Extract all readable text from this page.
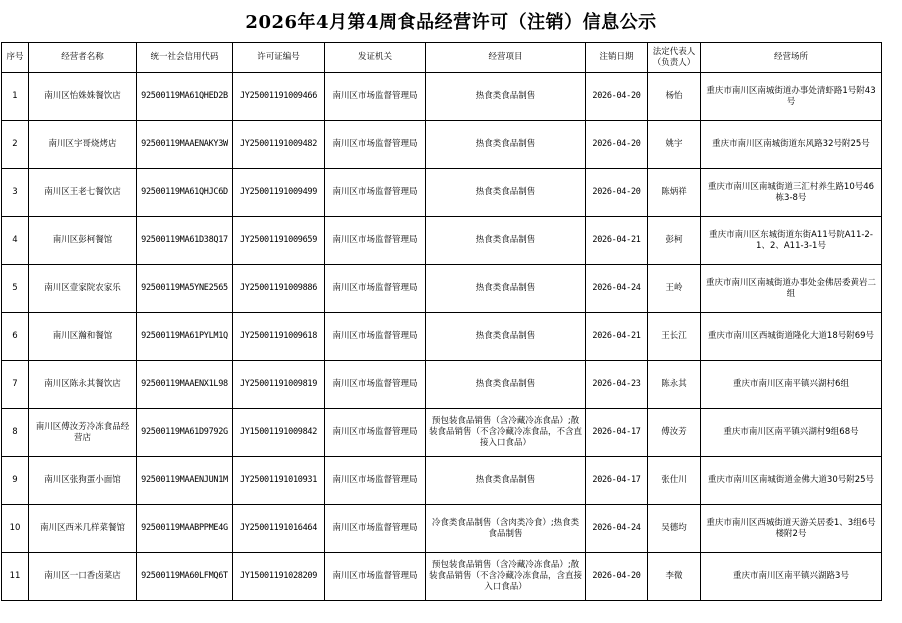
2026年4月第4周食品经营许可（注销）信息公示
序号	经营者名称	统一社会信用代码	许可证编号	发证机关	经营项目	注销日期	法定代表人（负责人）	经营场所
1	南川区怡姝姝餐饮店	92500119MA61QHED2B	JY25001191009466	南川区市场监督管理局	热食类食品制售	2026-04-20	杨怡	重庆市南川区南城街道办事处清虾路1号附43号
2	南川区宇哥烧烤店	92500119MAAENAKY3W	JY25001191009482	南川区市场监督管理局	热食类食品制售	2026-04-20	姚宇	重庆市南川区南城街道东风路32号附25号
3	南川区王老七餐饮店	92500119MA61QHJC6D	JY25001191009499	南川区市场监督管理局	热食类食品制售	2026-04-20	陈炳祥	重庆市南川区南城街道三汇村养生路10号46栋3-8号
4	南川区彭柯餐馆	92500119MA61D38Q17	JY25001191009659	南川区市场监督管理局	热食类食品制售	2026-04-21	彭柯	重庆市南川区东城街道东街A11号院A11-2-1、2、A11-3-1号
5	南川区壹家院农家乐	92500119MA5YNE2565	JY25001191009886	南川区市场监督管理局	热食类食品制售	2026-04-24	王岭	重庆市南川区南城街道办事处金佛居委黄岩二组
6	南川区瀚和餐馆	92500119MA61PYLM1Q	JY25001191009618	南川区市场监督管理局	热食类食品制售	2026-04-21	王长江	重庆市南川区西城街道隆化大道18号附69号
7	南川区陈永其餐饮店	92500119MAAENX1L98	JY25001191009819	南川区市场监督管理局	热食类食品制售	2026-04-23	陈永其	重庆市南川区南平镇兴湖村6组
8	南川区傅汝芳冷冻食品经营店	92500119MA61D9792G	JY15001191009842	南川区市场监督管理局	预包装食品销售（含冷藏冷冻食品）;散装食品销售（不含冷藏冷冻食品，不含直接入口食品）	2026-04-17	傅汝芳	重庆市南川区南平镇兴湖村9组68号
9	南川区张狗蛋小面馆	92500119MAAENJUN1M	JY25001191010931	南川区市场监督管理局	热食类食品制售	2026-04-17	张仕川	重庆市南川区南城街道金佛大道30号附25号
10	南川区西米几样菜餐馆	92500119MAABPPME4G	JY25001191016464	南川区市场监督管理局	冷食类食品制售（含肉类冷食）;热食类食品制售	2026-04-24	吴德均	重庆市南川区西城街道天游关居委1、3组6号楼附2号
11	南川区一口香卤菜店	92500119MA60LFMQ6T	JY15001191028209	南川区市场监督管理局	预包装食品销售（含冷藏冷冻食品）;散装食品销售（不含冷藏冷冻食品，含直接入口食品）	2026-04-20	李微	重庆市南川区南平镇兴湖路3号
